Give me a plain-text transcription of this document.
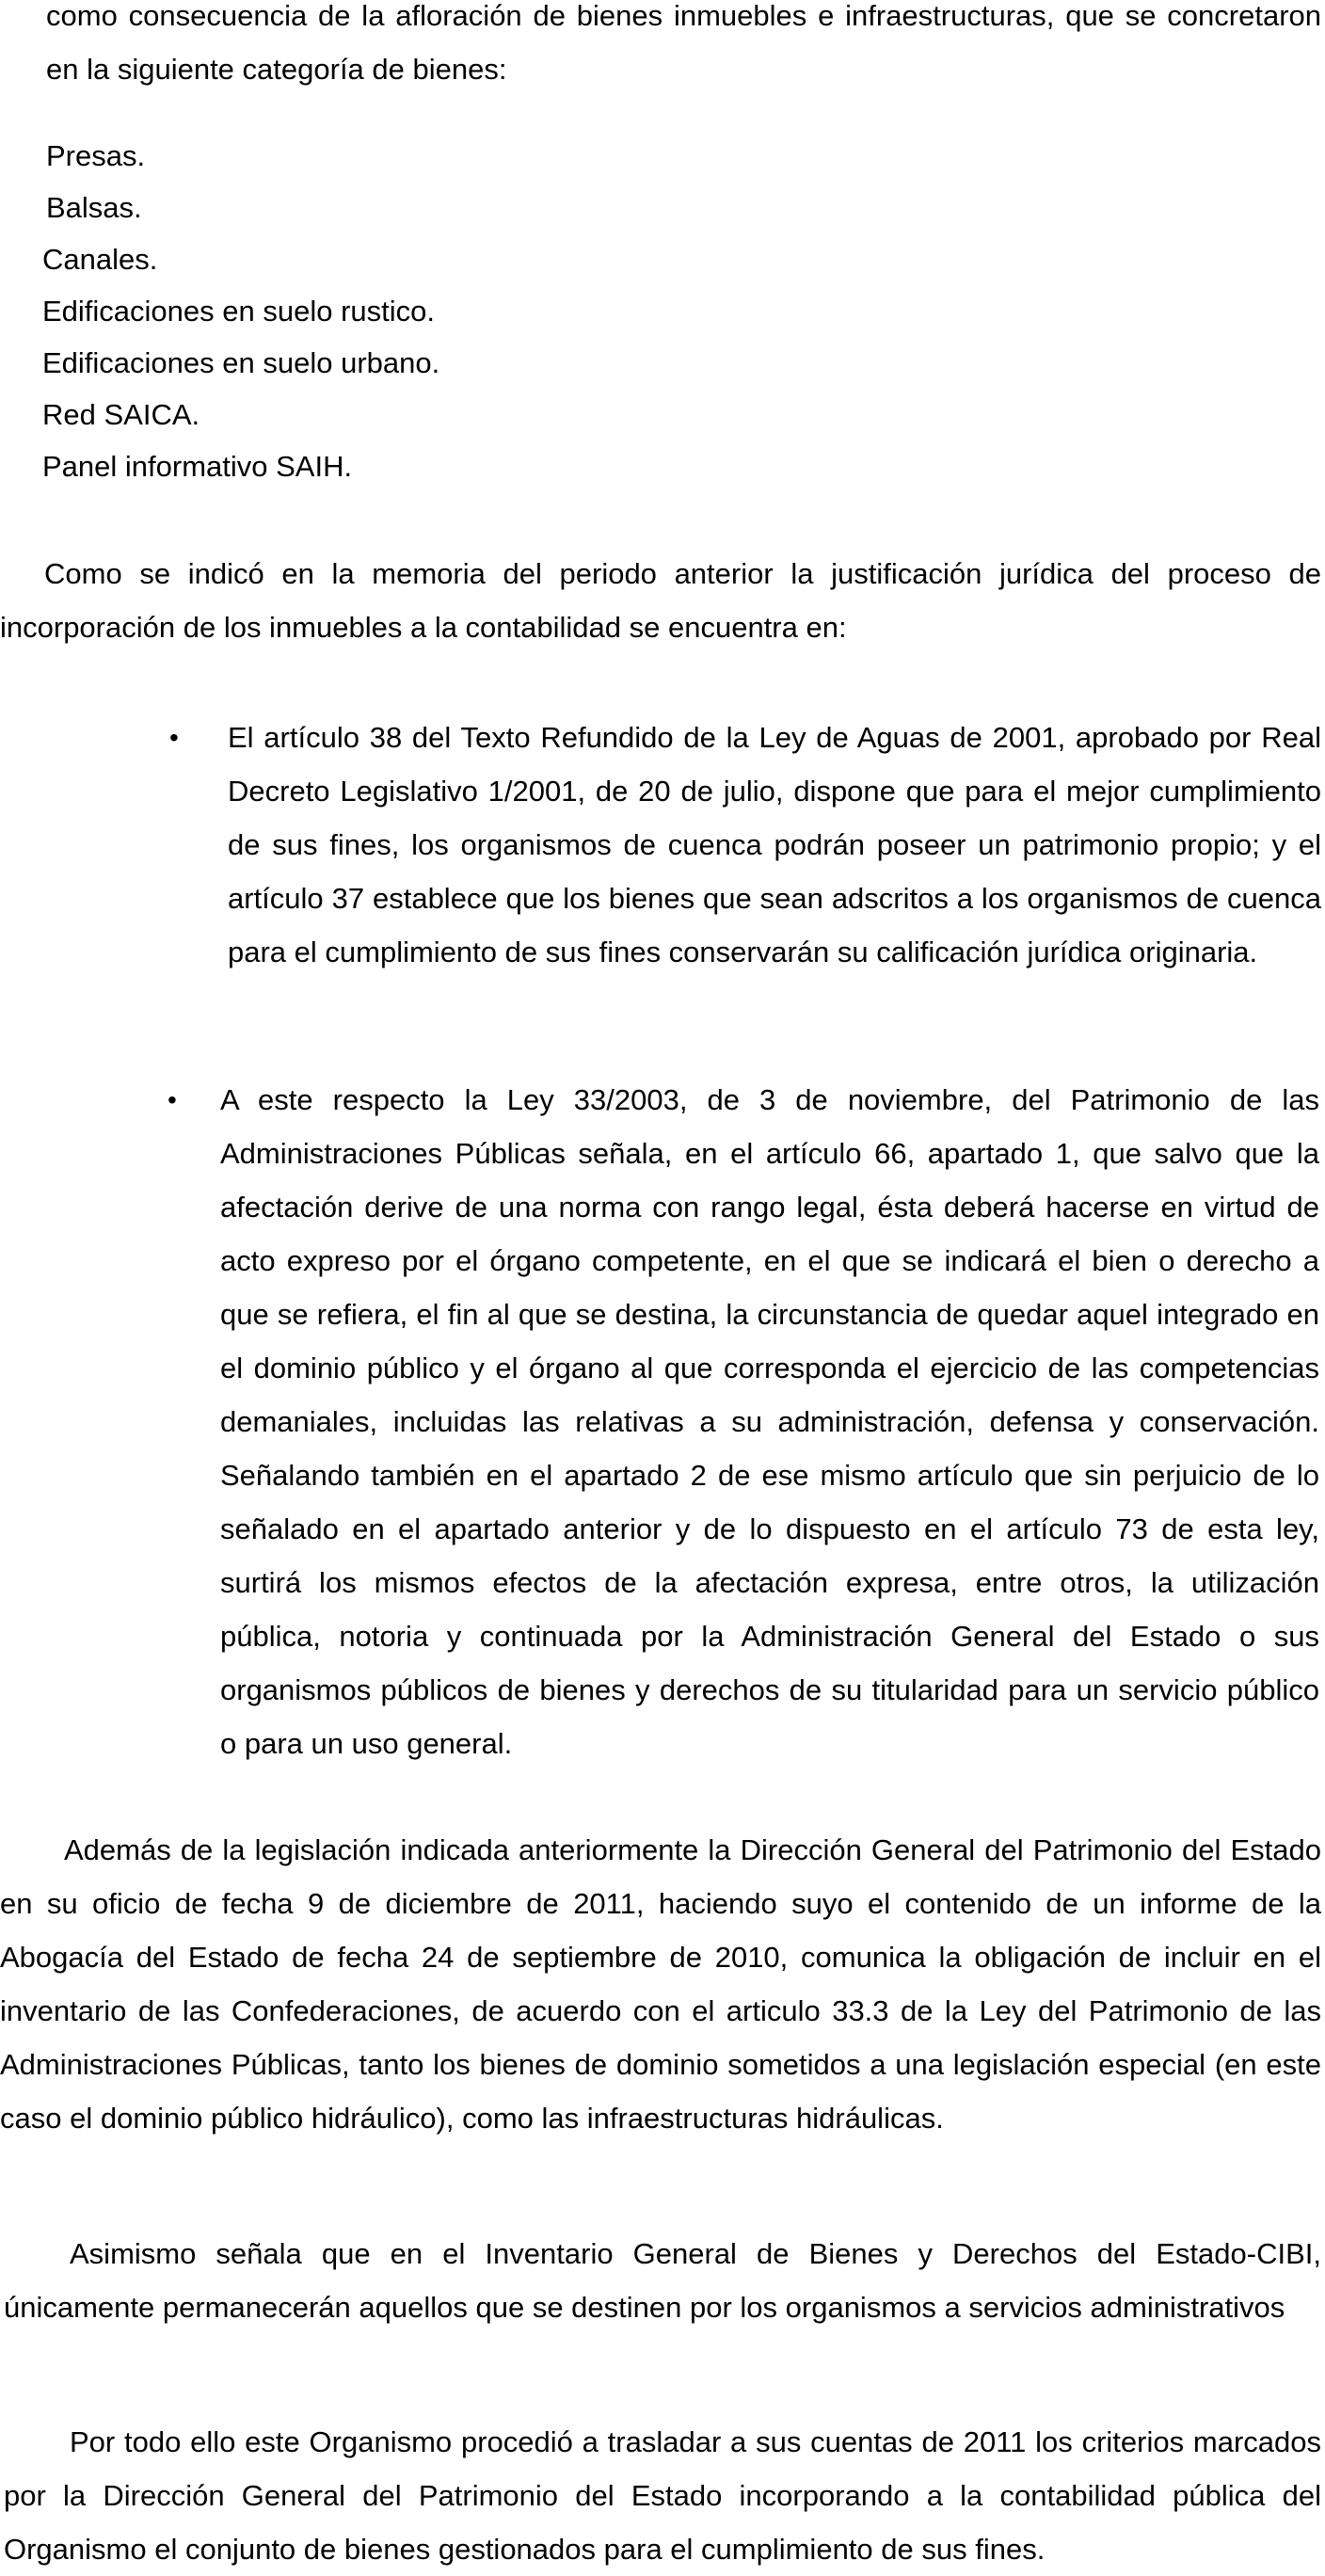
como consecuencia de la afloración de bienes inmuebles e infraestructuras, que se concretaron en la siguiente categoría de bienes:
Presas.
Balsas.
Canales.
Edificaciones en suelo rustico.
Edificaciones en suelo urbano.
Red SAICA.
Panel informativo SAIH.
Como se indicó en la memoria del periodo anterior la justificación jurídica del proceso de incorporación de los inmuebles a la contabilidad se encuentra en:
El artículo 38 del Texto Refundido de la Ley de Aguas de 2001, aprobado por Real Decreto Legislativo 1/2001, de 20 de julio, dispone que para el mejor cumplimiento de sus fines, los organismos de cuenca podrán poseer un patrimonio propio; y el artículo 37 establece que los bienes que sean adscritos a los organismos de cuenca para el cumplimiento de sus fines conservarán su calificación jurídica originaria.
A este respecto la Ley 33/2003, de 3 de noviembre, del Patrimonio de las Administraciones Públicas señala, en el artículo 66, apartado 1, que salvo que la afectación derive de una norma con rango legal, ésta deberá hacerse en virtud de acto expreso por el órgano competente, en el que se indicará el bien o derecho a que se refiera, el fin al que se destina, la circunstancia de quedar aquel integrado en el dominio público y el órgano al que corresponda el ejercicio de las competencias demaniales, incluidas las relativas a su administración, defensa y conservación. Señalando también en el apartado 2 de ese mismo artículo que sin perjuicio de lo señalado en el apartado anterior y de lo dispuesto en el artículo 73 de esta ley, surtirá los mismos efectos de la afectación expresa, entre otros, la utilización pública, notoria y continuada por la Administración General del Estado o sus organismos públicos de bienes y derechos de su titularidad para un servicio público o para un uso general.
Además de la legislación indicada anteriormente la Dirección General del Patrimonio del Estado en su oficio de fecha 9 de diciembre de 2011, haciendo suyo el contenido de un informe de la Abogacía del Estado de fecha 24 de septiembre de 2010, comunica la obligación de incluir en el inventario de las Confederaciones, de acuerdo con el articulo 33.3 de la Ley del Patrimonio de las Administraciones Públicas, tanto los bienes de dominio sometidos a una legislación especial (en este caso el dominio público hidráulico), como las infraestructuras hidráulicas.
Asimismo señala que en el Inventario General de Bienes y Derechos del Estado-CIBI, únicamente permanecerán aquellos que se destinen por los organismos a servicios administrativos
Por todo ello este Organismo procedió a trasladar a sus cuentas de 2011 los criterios marcados por la Dirección General del Patrimonio del Estado incorporando a la contabilidad pública del Organismo el conjunto de bienes gestionados para el cumplimiento de sus fines.
